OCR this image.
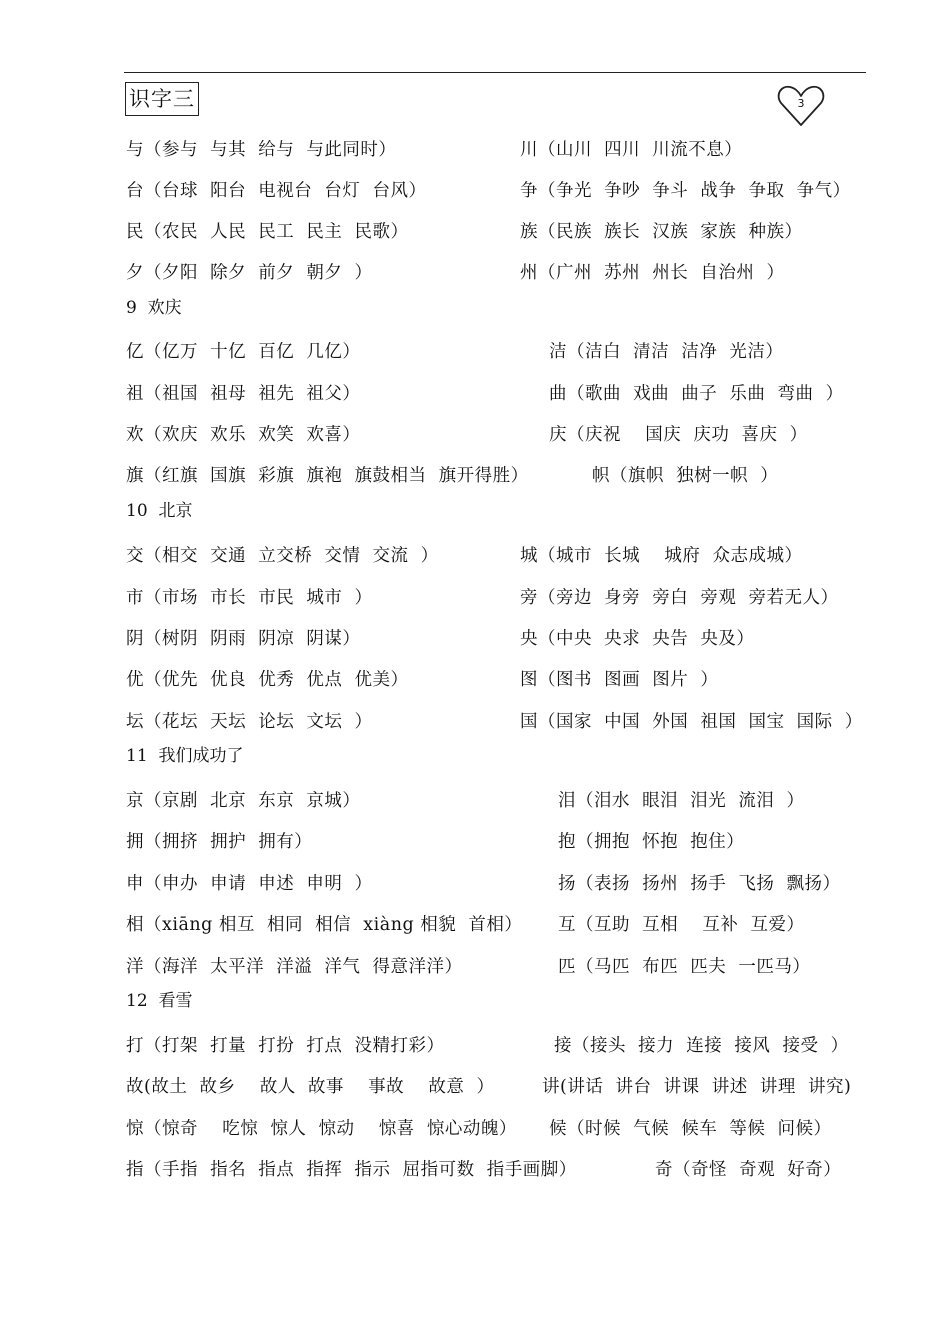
识字三	3
与（参与  与其  给与  与此同时）	川（山川  四川  川流不息）
台（台球  阳台  电视台  台灯  台风）	争（争光  争吵  争斗  战争  争取  争气）
民（农民  人民  民工  民主  民歌）	族（民族  族长  汉族  家族  种族）
夕（夕阳  除夕  前夕  朝夕  ）	州（广州  苏州  州长  自治州  ）
9  欢庆
亿（亿万  十亿  百亿  几亿）	洁（洁白  清洁  洁净  光洁）
祖（祖国  祖母  祖先  祖父）	曲（歌曲  戏曲  曲子  乐曲  弯曲  ）
欢（欢庆  欢乐  欢笑  欢喜）	庆（庆祝    国庆  庆功  喜庆  ）
旗（红旗  国旗  彩旗  旗袍  旗鼓相当  旗开得胜）	帜（旗帜  独树一帜  ）
10  北京
交（相交  交通  立交桥  交情  交流  ）	城（城市  长城    城府  众志成城）
市（市场  市长  市民  城市  ）	旁（旁边  身旁  旁白  旁观  旁若无人）
阴（树阴  阴雨  阴凉  阴谋）	央（中央  央求  央告  央及）
优（优先  优良  优秀  优点  优美）	图（图书  图画  图片  ）
坛（花坛  天坛  论坛  文坛  ）	国（国家  中国  外国  祖国  国宝  国际  ）
11  我们成功了
京（京剧  北京  东京  京城）	泪（泪水  眼泪  泪光  流泪  ）
拥（拥挤  拥护  拥有）	抱（拥抱  怀抱  抱住）
申（申办  申请  申述  申明  ）	扬（表扬  扬州  扬手  飞扬  飘扬）
相（xiāng 相互  相同  相信  xiàng 相貌  首相） 互（互助  互相    互补  互爱）
洋（海洋  太平洋  洋溢  洋气  得意洋洋）	匹（马匹  布匹  匹夫  一匹马）
12  看雪
打（打架  打量  打扮  打点  没精打彩）	接（接头  接力  连接  接风  接受  ）
故(故土  故乡    故人  故事    事故    故意  ）	讲(讲话  讲台  讲课  讲述  讲理  讲究)
惊（惊奇    吃惊  惊人  惊动    惊喜  惊心动魄） 候（时候  气候  候车  等候  问候）
指（手指  指名  指点  指挥  指示  屈指可数  指手画脚）	奇（奇怪  奇观  好奇）
